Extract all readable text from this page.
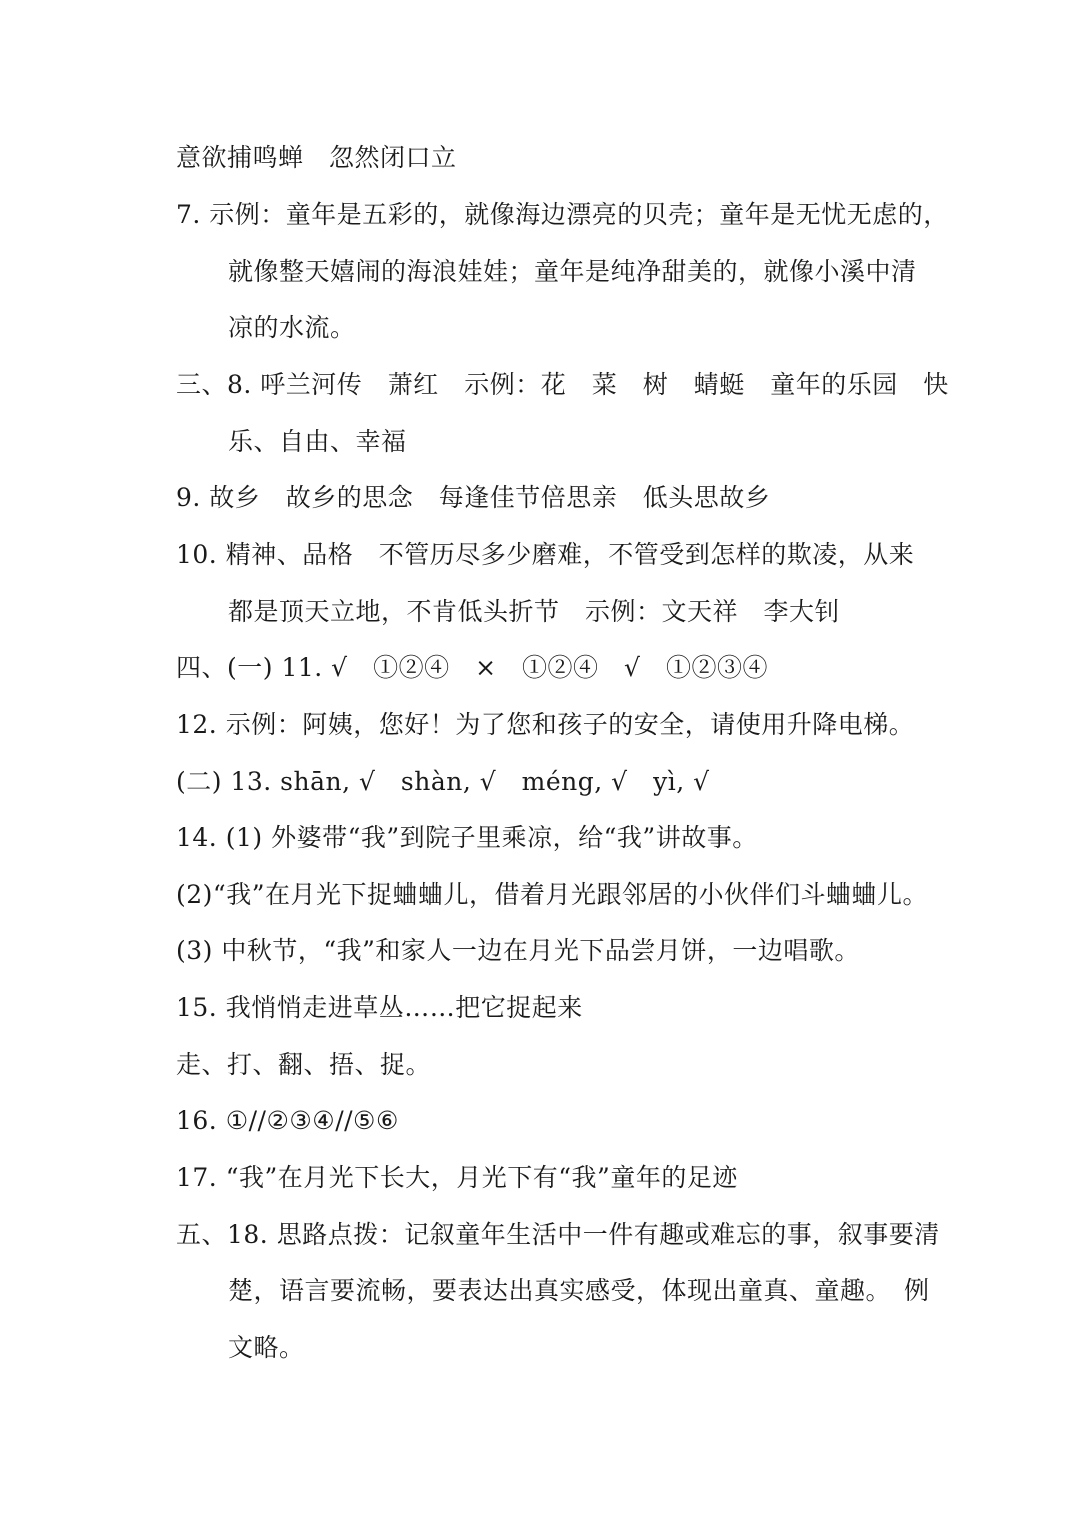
意欲捕鸣蝉　忽然闭口立
7. 示例：童年是五彩的，就像海边漂亮的贝壳；童年是无忧无虑的，
就像整天嬉闹的海浪娃娃；童年是纯净甜美的，就像小溪中清
凉的水流。
三、8. 呼兰河传　萧红　示例：花　菜　树　蜻蜓　童年的乐园　快
乐、自由、幸福
9. 故乡　故乡的思念　每逢佳节倍思亲　低头思故乡
10. 精神、品格　不管历尽多少磨难，不管受到怎样的欺凌，从来
都是顶天立地，不肯低头折节　示例：文天祥　李大钊
四、(一) 11. √　①②④　×　①②④　√　①②③④
12. 示例：阿姨，您好！为了您和孩子的安全，请使用升降电梯。
(二) 13. shān, √　shàn, √　méng, √　yì, √
14. (1) 外婆带“我”到院子里乘凉，给“我”讲故事。
(2)“我”在月光下捉蛐蛐儿，借着月光跟邻居的小伙伴们斗蛐蛐儿。
(3) 中秋节，“我”和家人一边在月光下品尝月饼，一边唱歌。
15. 我悄悄走进草丛……把它捉起来
走、打、翻、捂、捉。
16. ①//②③④//⑤⑥
17. “我”在月光下长大，月光下有“我”童年的足迹
五、18. 思路点拨：记叙童年生活中一件有趣或难忘的事，叙事要清
楚，语言要流畅，要表达出真实感受，体现出童真、童趣。　例
文略。
